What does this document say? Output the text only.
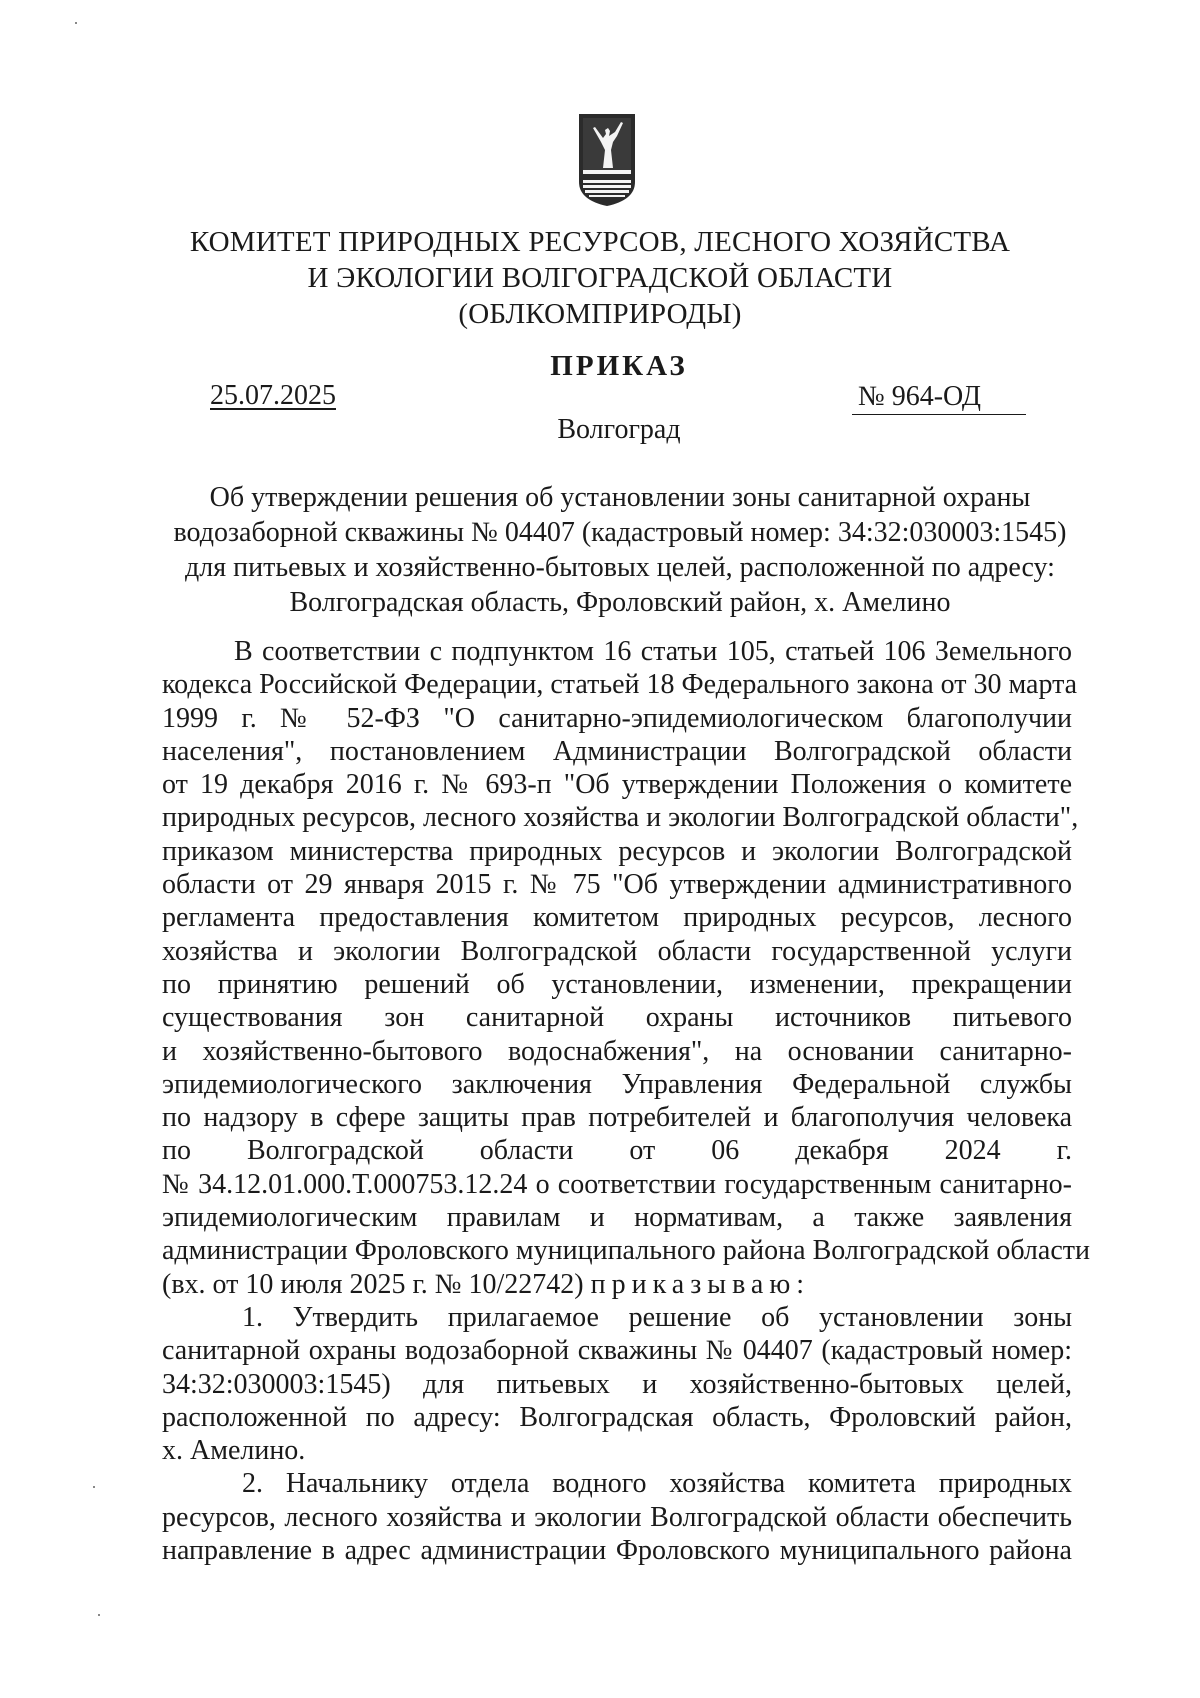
КОМИТЕТ ПРИРОДНЫХ РЕСУРСОВ, ЛЕСНОГО ХОЗЯЙСТВА
И ЭКОЛОГИИ ВОЛГОГРАДСКОЙ ОБЛАСТИ
(ОБЛКОМПРИРОДЫ)
ПРИКАЗ
25.07.2025	№ 964-ОД
Волгоград
Об утверждении решения об установлении зоны санитарной охраны
водозаборной скважины № 04407 (кадастровый номер: 34:32:030003:1545)
для питьевых и хозяйственно-бытовых целей, расположенной по адресу:
Волгоградская область, Фроловский район, х. Амелино
В соответствии с подпунктом 16 статьи 105, статьей 106 Земельного
кодекса Российской Федерации, статьей 18 Федерального закона от 30 марта
1999 г. № 52-ФЗ "О санитарно-эпидемиологическом благополучии
населения", постановлением Администрации Волгоградской области
от 19 декабря 2016 г. № 693-п "Об утверждении Положения о комитете
природных ресурсов, лесного хозяйства и экологии Волгоградской области",
приказом министерства природных ресурсов и экологии Волгоградской
области от 29 января 2015 г. № 75 "Об утверждении административного
регламента предоставления комитетом природных ресурсов, лесного
хозяйства и экологии Волгоградской области государственной услуги
по принятию решений об установлении, изменении, прекращении
существования зон санитарной охраны источников питьевого
и хозяйственно-бытового водоснабжения", на основании санитарно-
эпидемиологического заключения Управления Федеральной службы
по надзору в сфере защиты прав потребителей и благополучия человека
по Волгоградской области от 06 декабря 2024 г.
№ 34.12.01.000.Т.000753.12.24 о соответствии государственным санитарно-
эпидемиологическим правилам и нормативам, а также заявления
администрации Фроловского муниципального района Волгоградской области
(вх. от 10 июля 2025 г. № 10/22742) приказываю:
1. Утвердить прилагаемое решение об установлении зоны
санитарной охраны водозаборной скважины № 04407 (кадастровый номер:
34:32:030003:1545) для питьевых и хозяйственно-бытовых целей,
расположенной по адресу: Волгоградская область, Фроловский район,
х. Амелино.
2. Начальнику отдела водного хозяйства комитета природных
ресурсов, лесного хозяйства и экологии Волгоградской области обеспечить
направление в адрес администрации Фроловского муниципального района
